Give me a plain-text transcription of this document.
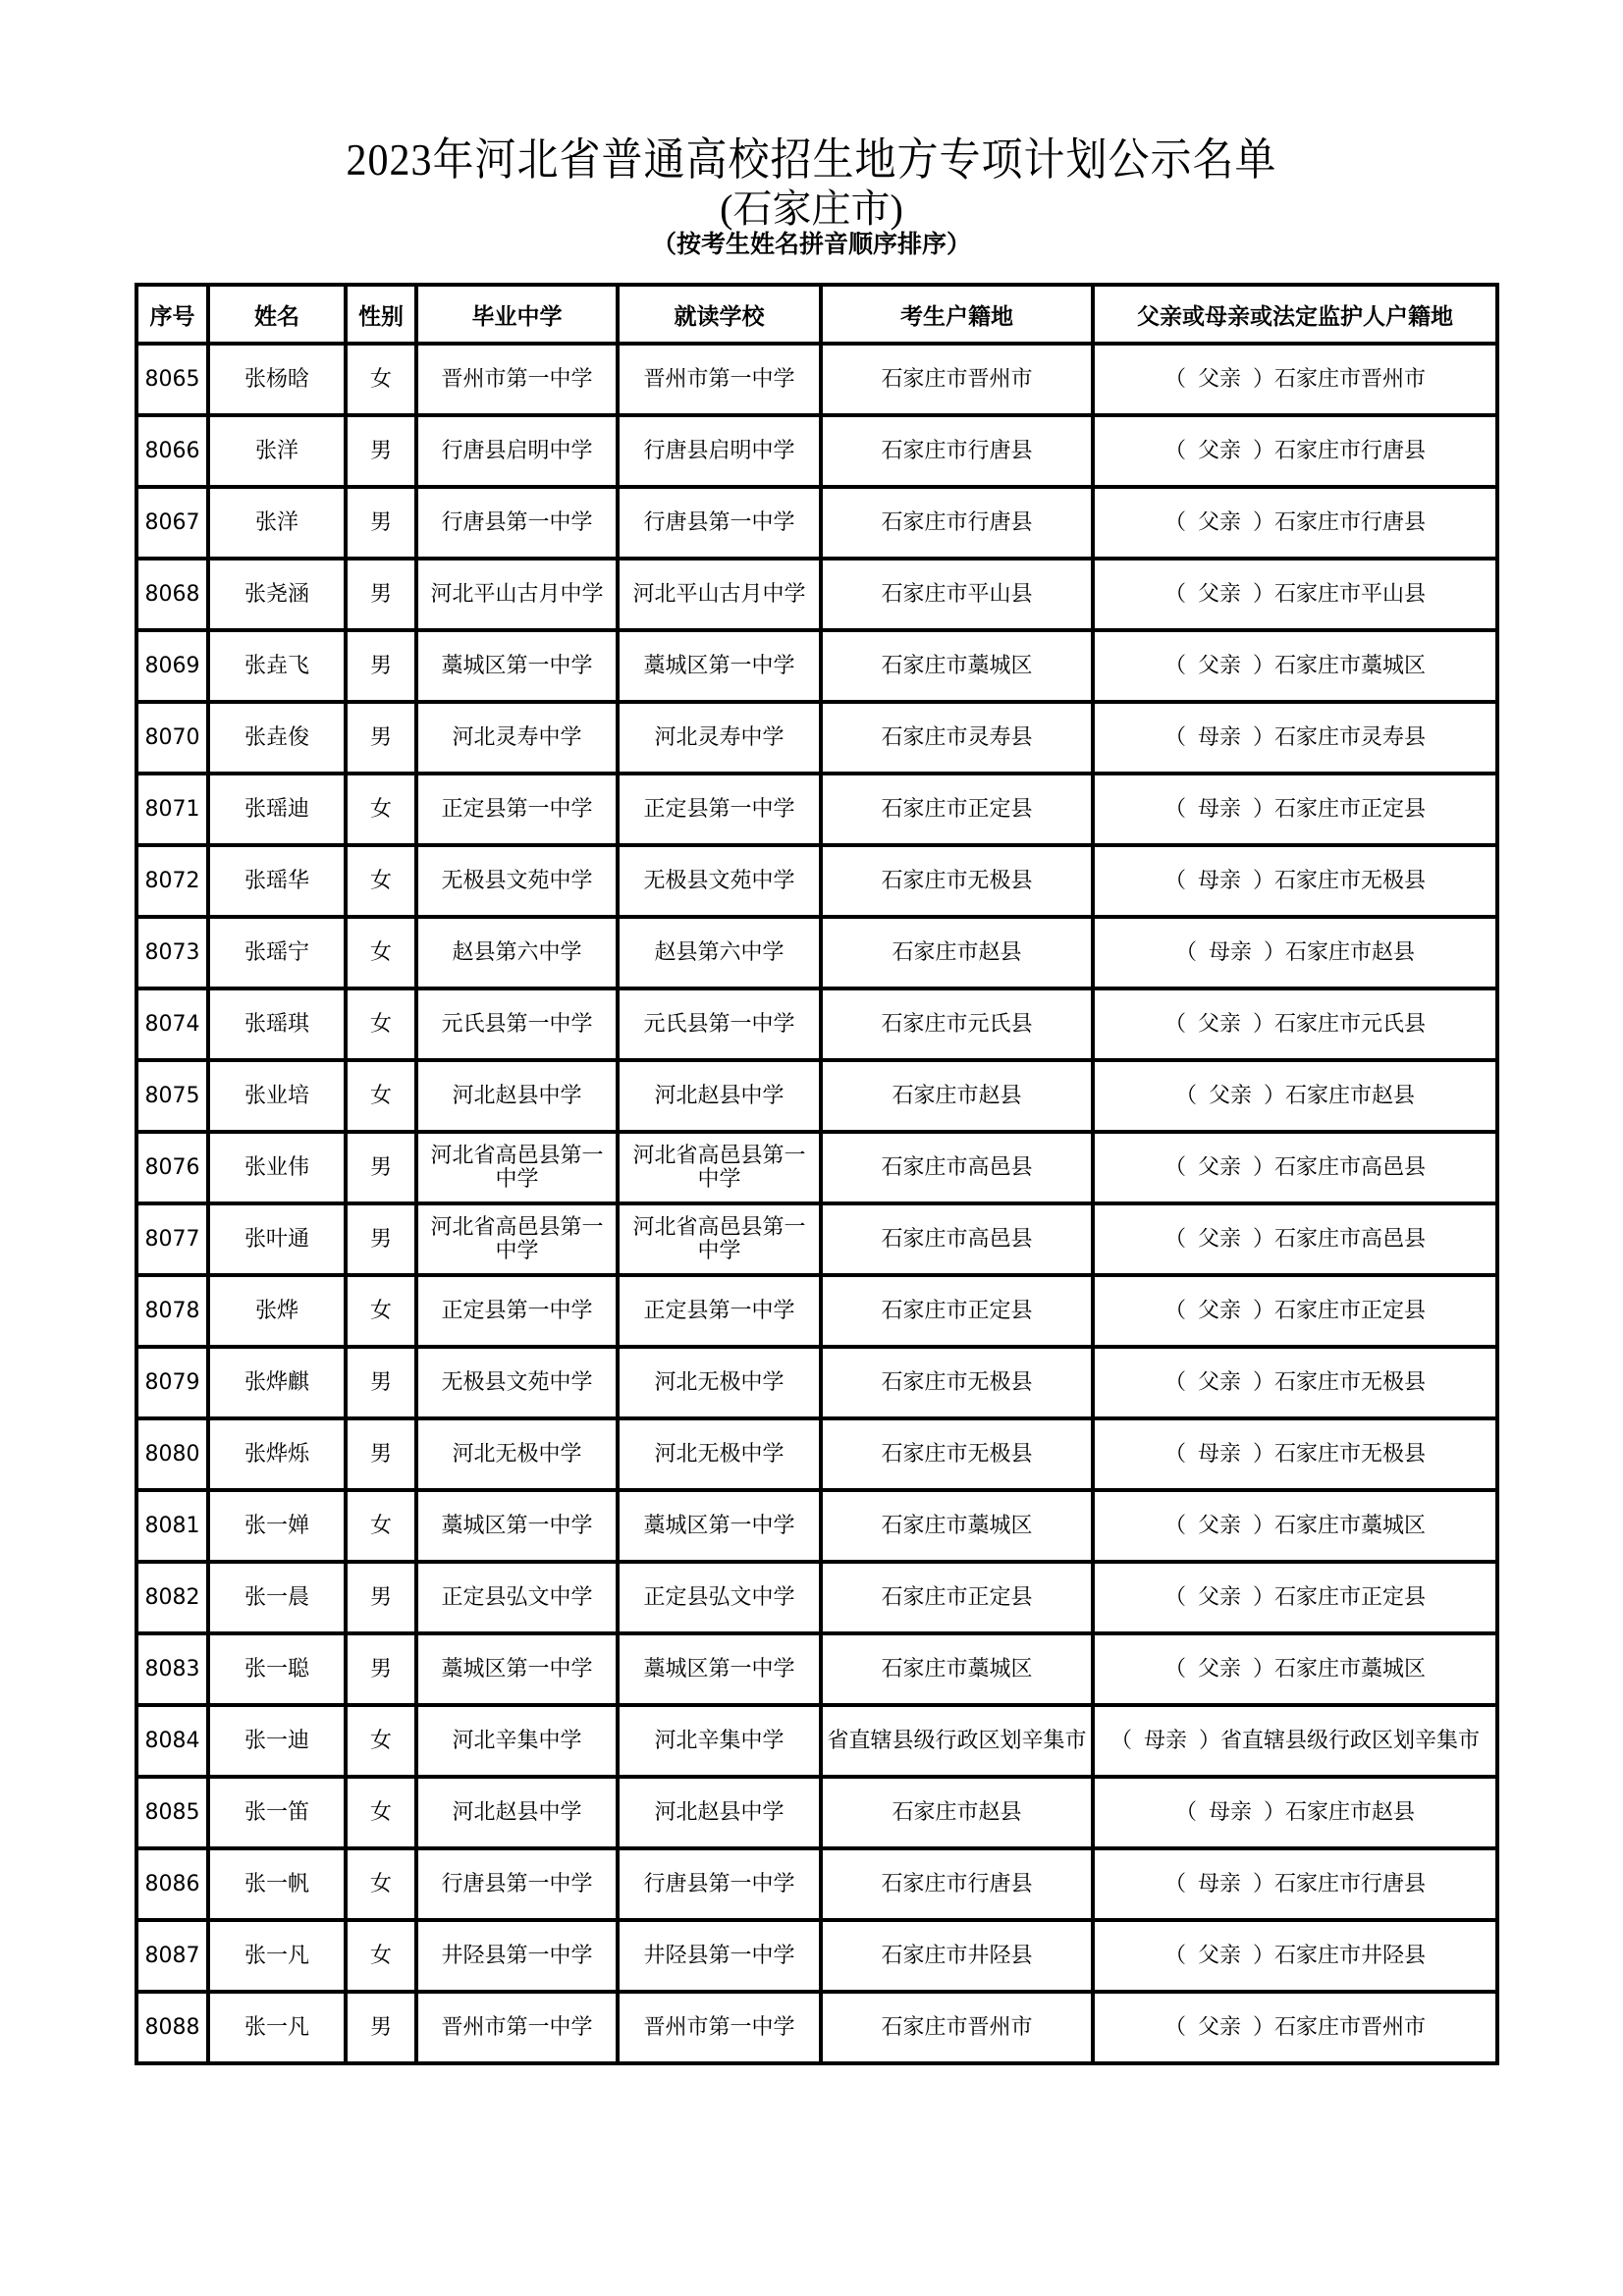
2023年河北省普通高校招生地方专项计划公示名单
(石家庄市)
（按考生姓名拼音顺序排序）
序号	姓名	性别	毕业中学	就读学校	考生户籍地	父亲或母亲或法定监护人户籍地
8065	张杨晗	女	晋州市第一中学	晋州市第一中学	石家庄市晋州市	（ 父亲 ）石家庄市晋州市
8066	张洋	男	行唐县启明中学	行唐县启明中学	石家庄市行唐县	（ 父亲 ）石家庄市行唐县
8067	张洋	男	行唐县第一中学	行唐县第一中学	石家庄市行唐县	（ 父亲 ）石家庄市行唐县
8068	张尧涵	男	河北平山古月中学	河北平山古月中学	石家庄市平山县	（ 父亲 ）石家庄市平山县
8069	张垚飞	男	藁城区第一中学	藁城区第一中学	石家庄市藁城区	（ 父亲 ）石家庄市藁城区
8070	张垚俊	男	河北灵寿中学	河北灵寿中学	石家庄市灵寿县	（ 母亲 ）石家庄市灵寿县
8071	张瑶迪	女	正定县第一中学	正定县第一中学	石家庄市正定县	（ 母亲 ）石家庄市正定县
8072	张瑶华	女	无极县文苑中学	无极县文苑中学	石家庄市无极县	（ 母亲 ）石家庄市无极县
8073	张瑶宁	女	赵县第六中学	赵县第六中学	石家庄市赵县	（ 母亲 ）石家庄市赵县
8074	张瑶琪	女	元氏县第一中学	元氏县第一中学	石家庄市元氏县	（ 父亲 ）石家庄市元氏县
8075	张业培	女	河北赵县中学	河北赵县中学	石家庄市赵县	（ 父亲 ）石家庄市赵县
8076	张业伟	男	河北省高邑县第一中学	河北省高邑县第一中学	石家庄市高邑县	（ 父亲 ）石家庄市高邑县
8077	张叶通	男	河北省高邑县第一中学	河北省高邑县第一中学	石家庄市高邑县	（ 父亲 ）石家庄市高邑县
8078	张烨	女	正定县第一中学	正定县第一中学	石家庄市正定县	（ 父亲 ）石家庄市正定县
8079	张烨麒	男	无极县文苑中学	河北无极中学	石家庄市无极县	（ 父亲 ）石家庄市无极县
8080	张烨烁	男	河北无极中学	河北无极中学	石家庄市无极县	（ 母亲 ）石家庄市无极县
8081	张一婵	女	藁城区第一中学	藁城区第一中学	石家庄市藁城区	（ 父亲 ）石家庄市藁城区
8082	张一晨	男	正定县弘文中学	正定县弘文中学	石家庄市正定县	（ 父亲 ）石家庄市正定县
8083	张一聪	男	藁城区第一中学	藁城区第一中学	石家庄市藁城区	（ 父亲 ）石家庄市藁城区
8084	张一迪	女	河北辛集中学	河北辛集中学	省直辖县级行政区划辛集市	（ 母亲 ）省直辖县级行政区划辛集市
8085	张一笛	女	河北赵县中学	河北赵县中学	石家庄市赵县	（ 母亲 ）石家庄市赵县
8086	张一帆	女	行唐县第一中学	行唐县第一中学	石家庄市行唐县	（ 母亲 ）石家庄市行唐县
8087	张一凡	女	井陉县第一中学	井陉县第一中学	石家庄市井陉县	（ 父亲 ）石家庄市井陉县
8088	张一凡	男	晋州市第一中学	晋州市第一中学	石家庄市晋州市	（ 父亲 ）石家庄市晋州市
